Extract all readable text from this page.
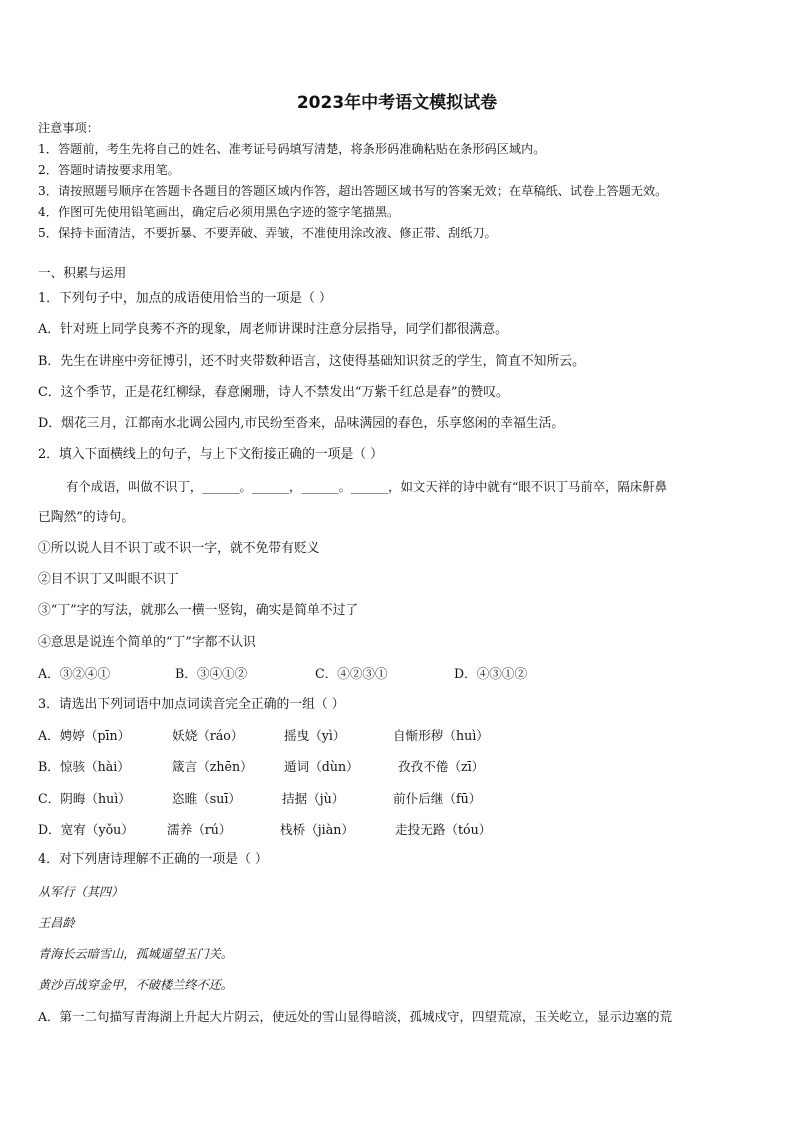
2023年中考语文模拟试卷
注意事项：
1．答题前，考生先将自己的姓名、准考证号码填写清楚，将条形码准确粘贴在条形码区域内。
2．答题时请按要求用笔。
3．请按照题号顺序在答题卡各题目的答题区域内作答，超出答题区域书写的答案无效；在草稿纸、试卷上答题无效。
4．作图可先使用铅笔画出，确定后必须用黑色字迹的签字笔描黑。
5．保持卡面清洁，不要折暴、不要弄破、弄皱，不准使用涂改液、修正带、刮纸刀。
一、积累与运用
1．下列句子中，加点的成语使用恰当的一项是（ ）
A．针对班上同学良莠不齐的现象，周老师讲课时注意分层指导，同学们都很满意。
B．先生在讲座中旁征博引，还不时夹带数种语言，这使得基础知识贫乏的学生，简直不知所云。
C．这个季节，正是花红柳绿，春意阑珊，诗人不禁发出“万紫千红总是春”的赞叹。
D．烟花三月，江都南水北调公园内,市民纷至沓来，品味满园的春色，乐享悠闲的幸福生活。
2．填入下面横线上的句子，与上下文衔接正确的一项是（ ）
有个成语，叫做不识丁，______。______，______。______，如文天祥的诗中就有“眼不识丁马前卒，隔床鼾鼻
已陶然”的诗句。
①所以说人目不识丁或不识一字，就不免带有贬义
②目不识丁又叫眼不识丁
③“丁”字的写法，就那么一横一竖钩，确实是简单不过了
④意思是说连个简单的“丁”字都不认识
A．③②④①	B．③④①②	C．④②③①	D．④③①②
3．请选出下列词语中加点词读音完全正确的一组（ ）
A．娉婷（pīn）	妖娆（ráo）	摇曳（yì）	自惭形秽（huì）
B．惊骇（hài）	箴言（zhēn） 遁词（dùn）	孜孜不倦（zī）
C．阴晦（huì）	恣睢（suī）	拮据（jù）	前仆后继（fū）
D．宽宥（yǒu）	濡养（rú）	栈桥（jiàn）	走投无路（tóu）
4．对下列唐诗理解不正确的一项是（ ）
从军行（其四）
王昌龄
青海长云暗雪山，孤城遥望玉门关。
黄沙百战穿金甲，不破楼兰终不还。
A．第一二句描写青海湖上升起大片阴云，使远处的雪山显得暗淡，孤城戍守，四望荒凉，玉关屹立，显示边塞的荒
